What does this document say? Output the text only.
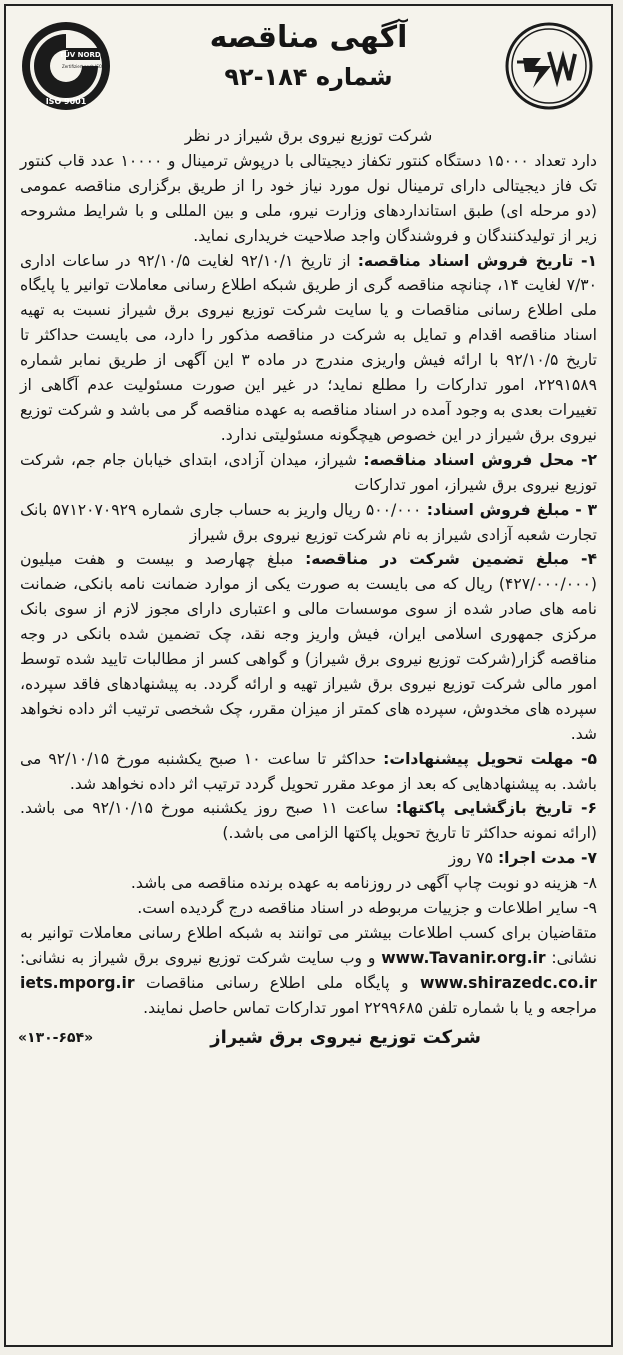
TÜV NORD
Zertifiziert nach ISO
ISO 9001
آگهی مناقصه
شماره ۱۸۴-۹۲

شرکت توزیع نیروی برق شیراز در نظر

دارد تعداد ۱۵۰۰۰ دستگاه کنتور تکفاز دیجیتالی با درپوش ترمینال و ۱۰۰۰۰ عدد قاب کنتور تک فاز دیجیتالی دارای ترمینال نول مورد نیاز خود را از طریق برگزاری مناقصه عمومی (دو مرحله ای) طبق استانداردهای وزارت نیرو، ملی و بین المللی و با شرایط مشروحه زیر از تولیدکنندگان و فروشندگان واجد صلاحیت خریداری نماید.

۱- تاریخ فروش اسناد مناقصه: از تاریخ ۹۲/۱۰/۱ لغایت ۹۲/۱۰/۵ در ساعات اداری ۷/۳۰ لغایت ۱۴، چنانچه مناقصه گری از طریق شبکه اطلاع رسانی معاملات توانیر یا پایگاه ملی اطلاع رسانی مناقصات و یا سایت شرکت توزیع نیروی برق شیراز نسبت به تهیه اسناد مناقصه اقدام و تمایل به شرکت در مناقصه مذکور را دارد، می بایست حداکثر تا تاریخ ۹۲/۱۰/۵ با ارائه فیش واریزی مندرج در ماده ۳ این آگهی از طریق نمابر شماره ۲۲۹۱۵۸۹، امور تدارکات را مطلع نماید؛ در غیر این صورت مسئولیت عدم آگاهی از تغییرات بعدی به وجود آمده در اسناد مناقصه به عهده مناقصه گر می باشد و شرکت توزیع نیروی برق شیراز در این خصوص هیچگونه مسئولیتی ندارد.

۲- محل فروش اسناد مناقصه: شیراز، میدان آزادی، ابتدای خیابان جام جم، شرکت توزیع نیروی برق شیراز، امور تدارکات

۳ - مبلغ فروش اسناد: ۵۰۰/۰۰۰ ریال واریز به حساب جاری شماره ۵۷۱۲۰۷۰۹۲۹ بانک تجارت شعبه آزادی شیراز به نام شرکت توزیع نیروی برق شیراز

۴- مبلغ تضمین شرکت در مناقصه: مبلغ چهارصد و بیست و هفت میلیون (۴۲۷/۰۰۰/۰۰۰) ریال که می بایست به صورت یکی از موارد ضمانت نامه بانکی، ضمانت نامه های صادر شده از سوی موسسات مالی و اعتباری دارای مجوز لازم از سوی بانک مرکزی جمهوری اسلامی ایران، فیش واریز وجه نقد، چک تضمین شده بانکی در وجه مناقصه گزار(شرکت توزیع نیروی برق شیراز) و گواهی کسر از مطالبات تایید شده توسط امور مالی شرکت توزیع نیروی برق شیراز تهیه و ارائه گردد. به پیشنهادهای فاقد سپرده، سپرده های مخدوش، سپرده های کمتر از میزان مقرر، چک شخصی ترتیب اثر داده نخواهد شد.

۵- مهلت تحویل پیشنهادات: حداکثر تا ساعت ۱۰ صبح یکشنبه مورخ ۹۲/۱۰/۱۵ می باشد. به پیشنهادهایی که بعد از موعد مقرر تحویل گردد ترتیب اثر داده نخواهد شد.

۶- تاریخ بازگشایی پاکتها: ساعت ۱۱ صبح روز یکشنبه مورخ ۹۲/۱۰/۱۵ می باشد. (ارائه نمونه حداکثر تا تاریخ تحویل پاکتها الزامی می باشد.)

۷- مدت اجرا: ۷۵ روز

۸- هزینه دو نوبت چاپ آگهی در روزنامه به عهده برنده مناقصه می باشد.

۹- سایر اطلاعات و جزییات مربوطه در اسناد مناقصه درج گردیده است.

متقاضیان برای کسب اطلاعات بیشتر می توانند به شبکه اطلاع رسانی معاملات توانیر به نشانی: www.Tavanir.org.ir و وب سایت شرکت توزیع نیروی برق شیراز به نشانی: www.shirazedc.co.ir و پایگاه ملی اطلاع رسانی مناقصات iets.mporg.ir مراجعه و یا با شماره تلفن ۲۲۹۹۶۸۵ امور تدارکات تماس حاصل نمایند.

شرکت توزیع نیروی برق شیراز
«۱۳۰-۶۵۴»
